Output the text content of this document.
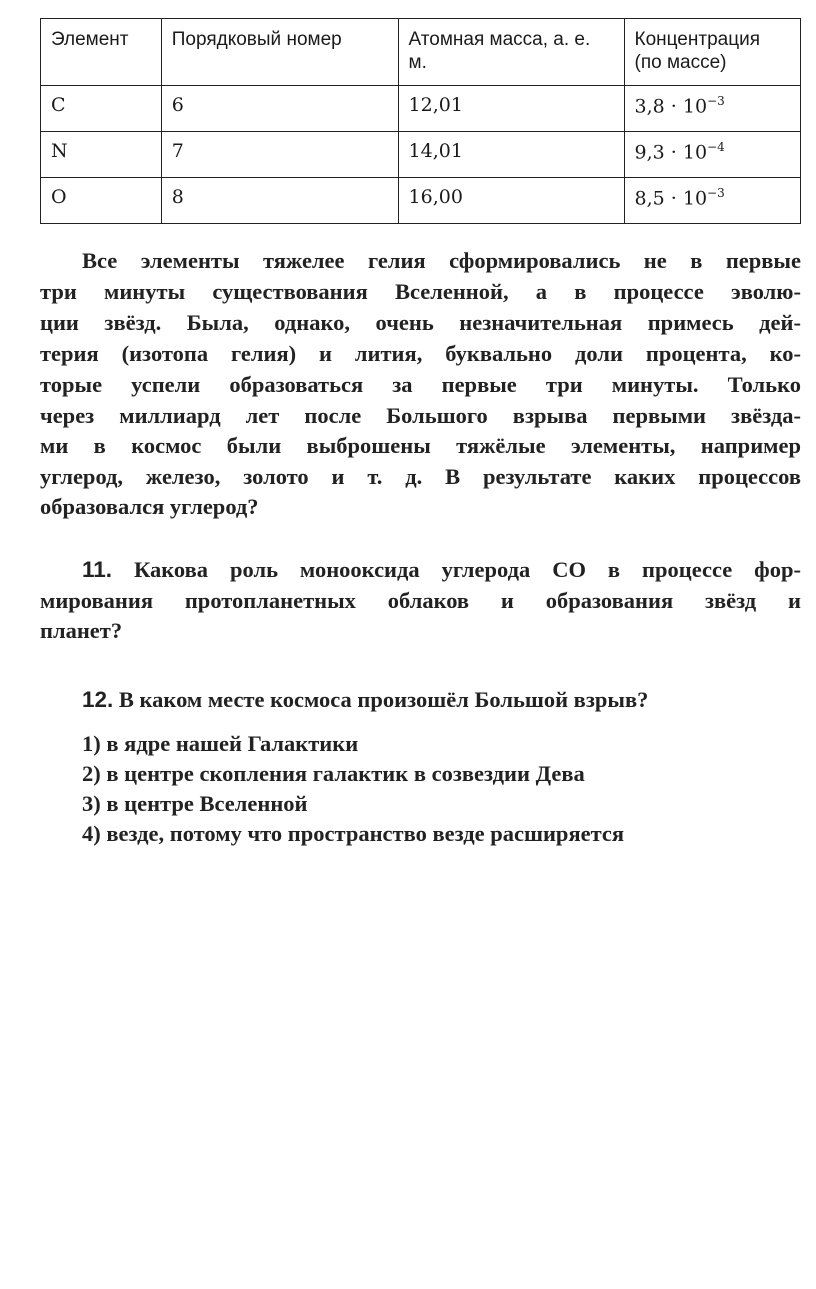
Элемент	Порядковый номер	Атомная масса, а. е. м.	Концентрация (по массе)
C	6	12,01	$3,8 \cdot 10^{-3}$
N	7	14,01	$9,3 \cdot 10^{-4}$
O	8	16,00	$8,5 \cdot 10^{-3}$
Все элементы тяжелее гелия сформировались не в первые
три минуты существования Вселенной, а в процессе эволю-
ции звёзд. Была, однако, очень незначительная примесь дей-
терия (изотопа гелия) и лития, буквально доли процента, ко-
торые успели образоваться за первые три минуты. Только
через миллиард лет после Большого взрыва первыми звёзда-
ми в космос были выброшены тяжёлые элементы, например
углерод, железо, золото и т. д. В результате каких процессов
образовался углерод?
11. Какова роль монооксида углерода СО в процессе фор-
мирования протопланетных облаков и образования звёзд и
планет?
12. В каком месте космоса произошёл Большой взрыв?
1) в ядре нашей Галактики
2) в центре скопления галактик в созвездии Дева
3) в центре Вселенной
4) везде, потому что пространство везде расширяется
